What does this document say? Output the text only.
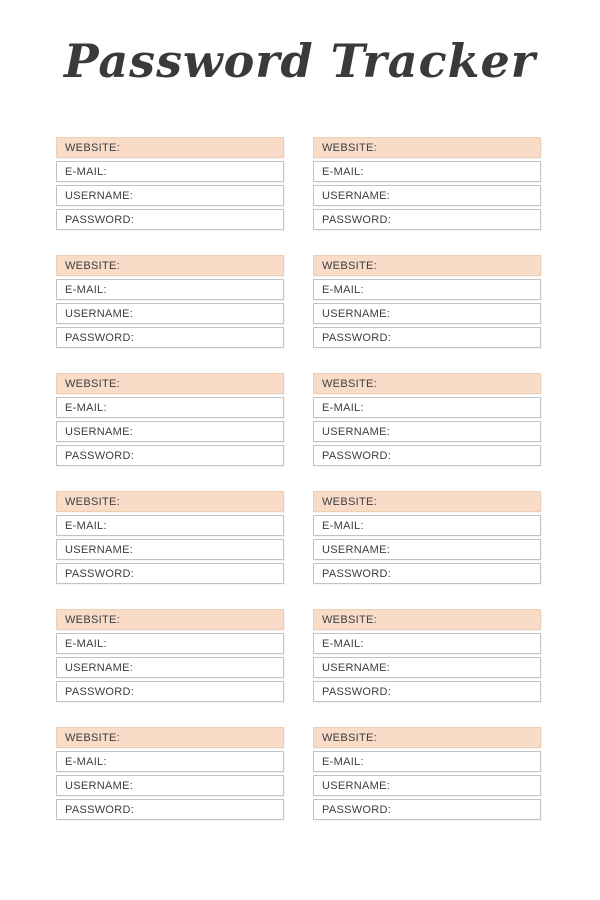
Password Tracker
WEBSITE:
E-MAIL:
USERNAME:
PASSWORD:
WEBSITE:
E-MAIL:
USERNAME:
PASSWORD:
WEBSITE:
E-MAIL:
USERNAME:
PASSWORD:
WEBSITE:
E-MAIL:
USERNAME:
PASSWORD:
WEBSITE:
E-MAIL:
USERNAME:
PASSWORD:
WEBSITE:
E-MAIL:
USERNAME:
PASSWORD:
WEBSITE:
E-MAIL:
USERNAME:
PASSWORD:
WEBSITE:
E-MAIL:
USERNAME:
PASSWORD:
WEBSITE:
E-MAIL:
USERNAME:
PASSWORD:
WEBSITE:
E-MAIL:
USERNAME:
PASSWORD:
WEBSITE:
E-MAIL:
USERNAME:
PASSWORD:
WEBSITE:
E-MAIL:
USERNAME:
PASSWORD:
